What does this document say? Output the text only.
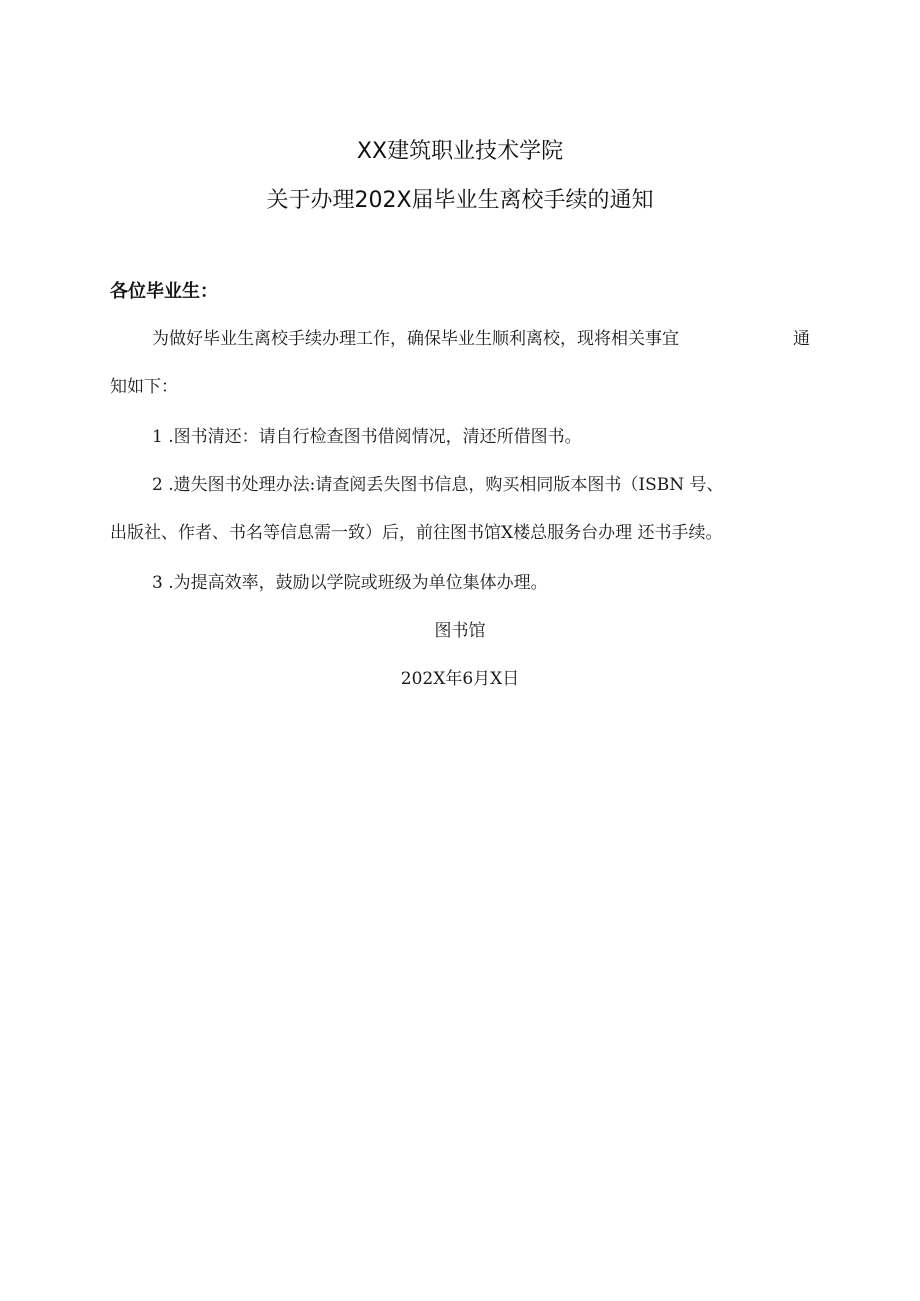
XX建筑职业技术学院
关于办理202X届毕业生离校手续的通知
各位毕业生：
为做好毕业生离校手续办理工作，确保毕业生顺利离校，现将相关事宜	通
知如下：
1 .图书清还：请自行检查图书借阅情况，清还所借图书。
2 .遗失图书处理办法:请查阅丢失图书信息，购买相同版本图书（ISBN 号、
出版社、作者、书名等信息需一致）后，前往图书馆X楼总服务台办理 还书手续。
3 .为提高效率，鼓励以学院或班级为单位集体办理。
图书馆
202X年6月X日
